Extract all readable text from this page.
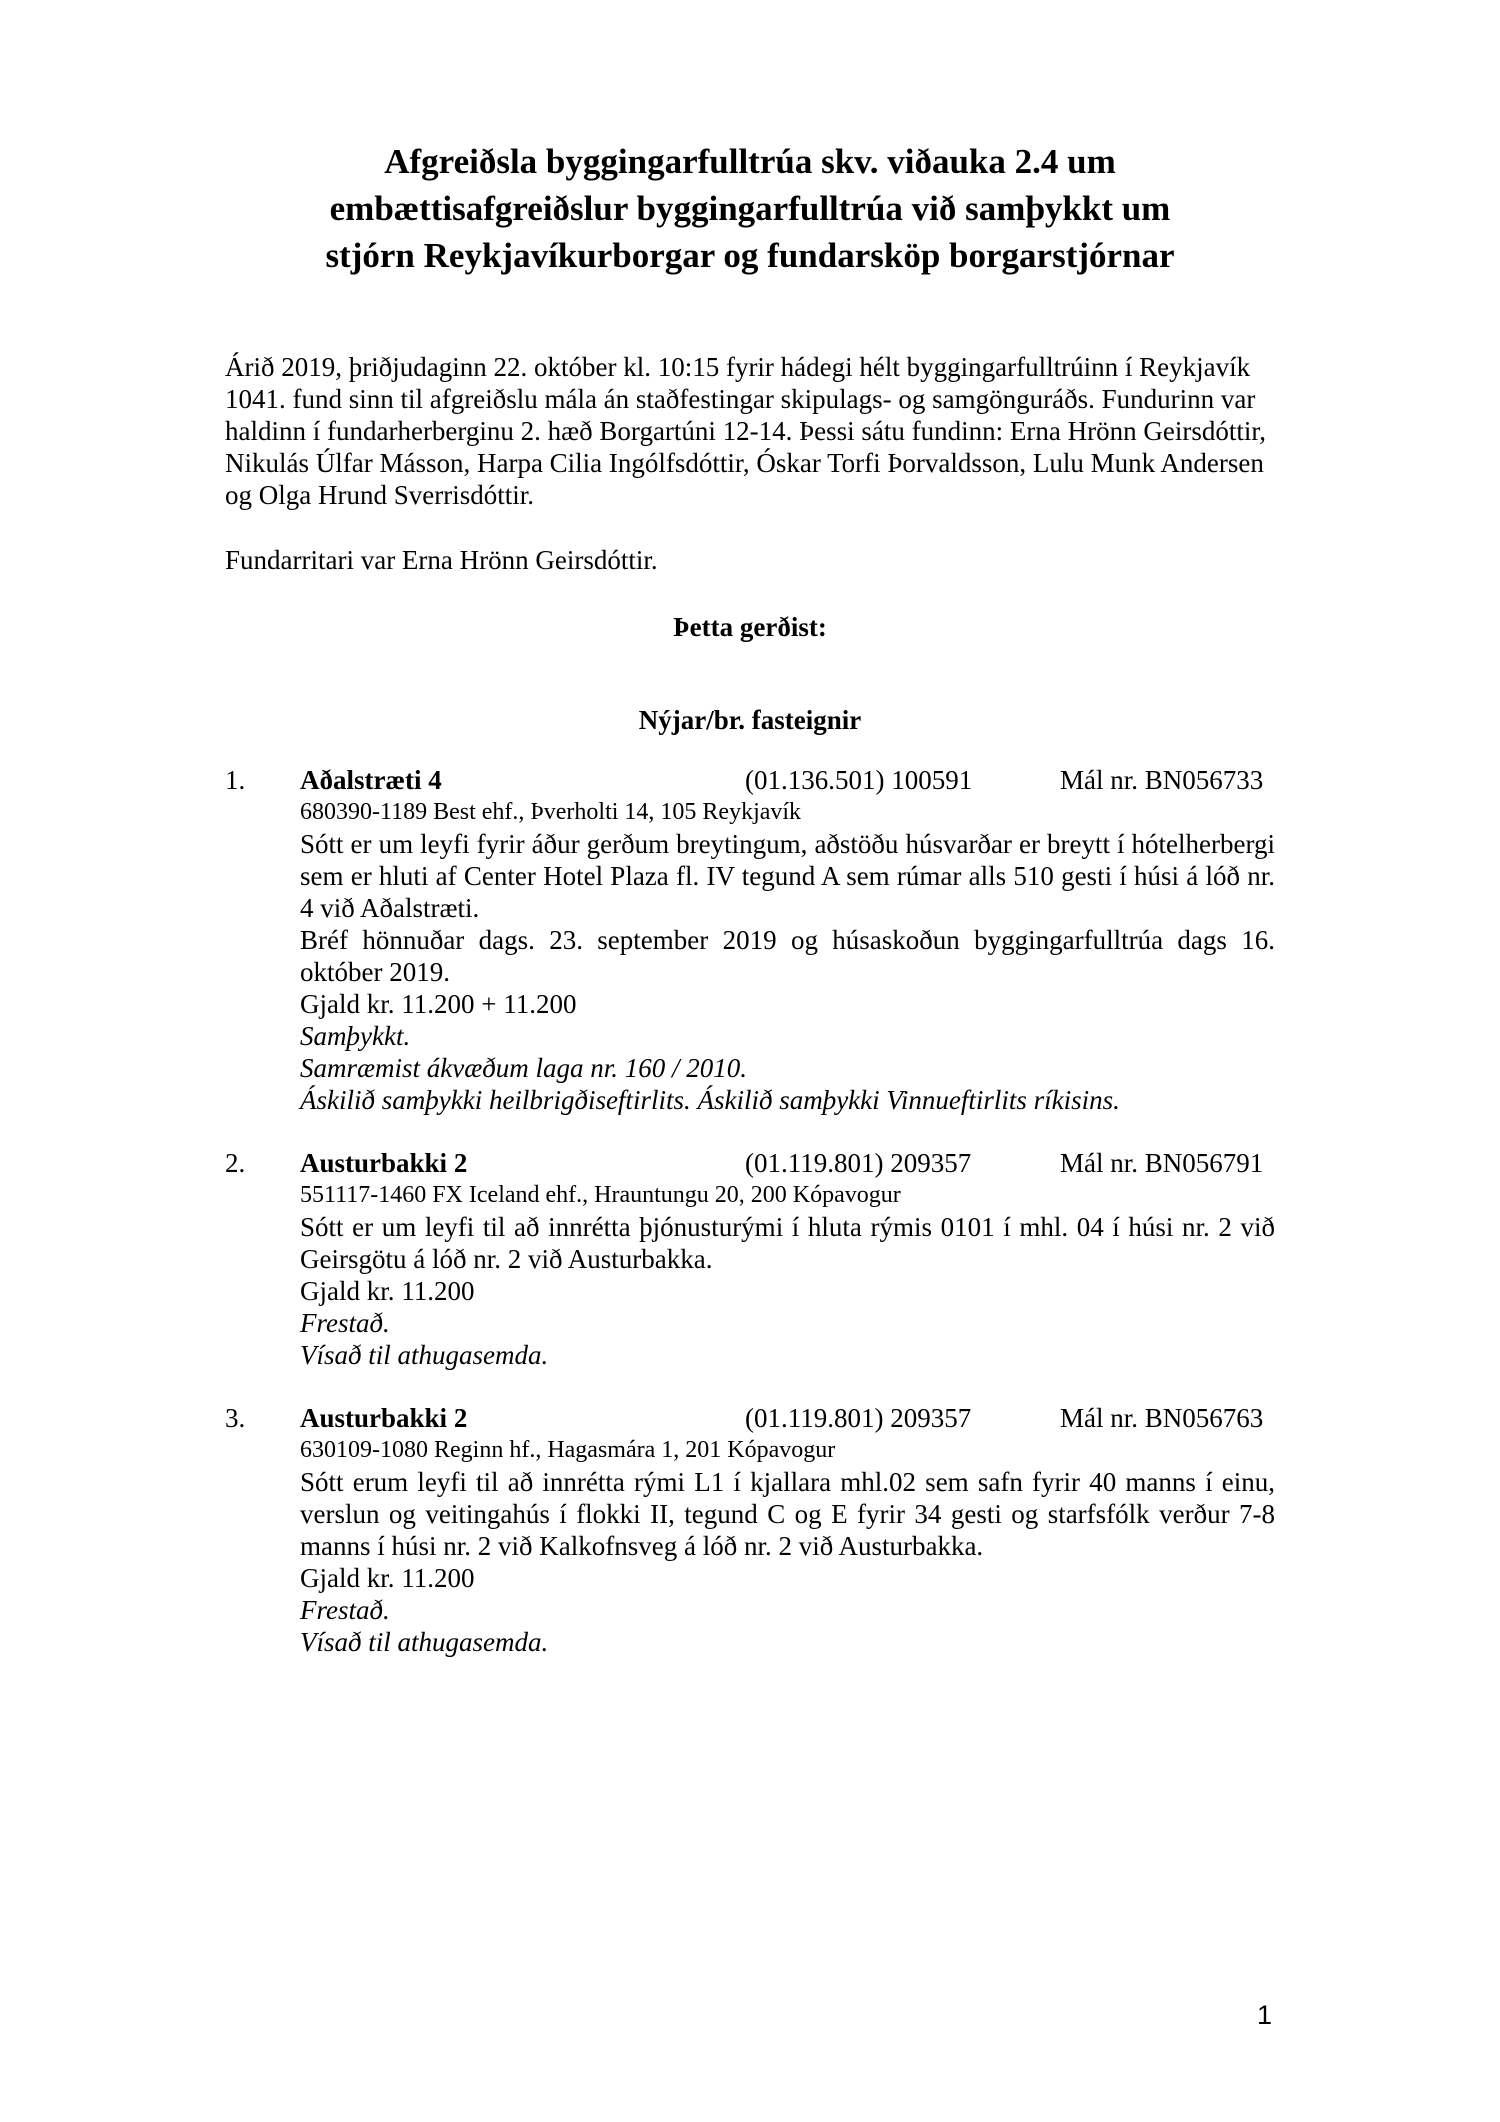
Afgreiðsla byggingarfulltrúa skv. viðauka 2.4 um
embættisafgreiðslur byggingarfulltrúa við samþykkt um
stjórn Reykjavíkurborgar og fundarsköp borgarstjórnar

Árið 2019, þriðjudaginn 22. október kl. 10:15 fyrir hádegi hélt byggingarfulltrúinn í Reykjavík 1041. fund sinn til afgreiðslu mála án staðfestingar skipulags- og samgönguráðs. Fundurinn var haldinn í fundarherberginu 2. hæð Borgartúni 12-14. Þessi sátu fundinn: Erna Hrönn Geirsdóttir, Nikulás Úlfar Másson, Harpa Cilia Ingólfsdóttir, Óskar Torfi Þorvaldsson, Lulu Munk Andersen og Olga Hrund Sverrisdóttir.

Fundarritari var Erna Hrönn Geirsdóttir.

Þetta gerðist:
Nýjar/br. fasteignir
1.	Aðalstræti 4	(01.136.501) 100591	Mál nr. BN056733
680390-1189 Best ehf., Þverholti 14, 105 Reykjavík

Sótt er um leyfi fyrir áður gerðum breytingum, aðstöðu húsvarðar er breytt í hótelherbergi sem er hluti af Center Hotel Plaza fl. IV tegund A sem rúmar alls 510 gesti í húsi á lóð nr. 4 við Aðalstræti.

Bréf hönnuðar dags. 23. september 2019 og húsaskoðun byggingarfulltrúa dags 16. október 2019.

Gjald kr. 11.200 + 11.200
Samþykkt.
Samræmist ákvæðum laga nr. 160 / 2010.
Áskilið samþykki heilbrigðiseftirlits. Áskilið samþykki Vinnueftirlits ríkisins.
2.	Austurbakki 2	(01.119.801) 209357	Mál nr. BN056791
551117-1460 FX Iceland ehf., Hrauntungu 20, 200 Kópavogur

Sótt er um leyfi til að innrétta þjónusturými í hluta rýmis 0101 í mhl. 04 í húsi nr. 2 við Geirsgötu á lóð nr. 2 við Austurbakka.

Gjald kr. 11.200
Frestað.
Vísað til athugasemda.
3.	Austurbakki 2	(01.119.801) 209357	Mál nr. BN056763
630109-1080 Reginn hf., Hagasmára 1, 201 Kópavogur

Sótt erum leyfi til að innrétta rými L1 í kjallara mhl.02 sem safn fyrir 40 manns í einu, verslun og veitingahús í flokki II, tegund C og E fyrir 34 gesti og starfsfólk verður 7-8 manns í húsi nr. 2 við Kalkofnsveg á lóð nr. 2 við Austurbakka.

Gjald kr. 11.200
Frestað.
Vísað til athugasemda.
1
